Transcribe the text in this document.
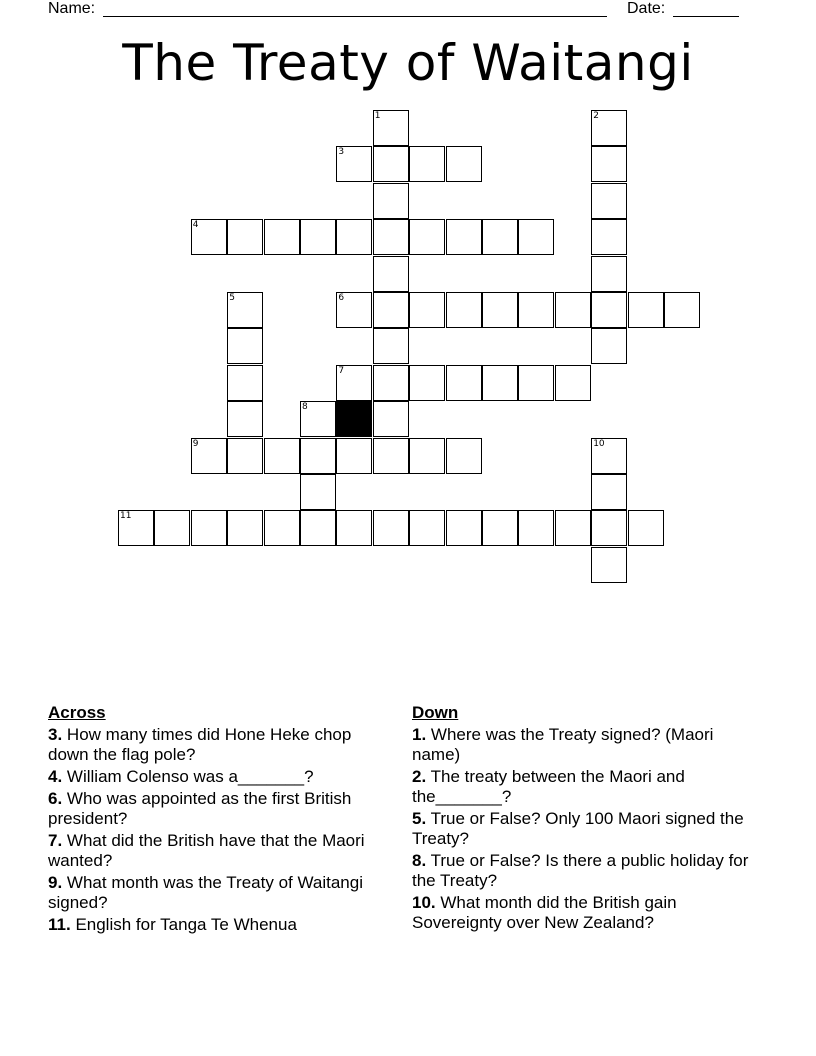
Name:	Date:
The Treaty of Waitangi
1	2
3
4
5	6
7
8
9	10
11
Across
3. How many times did Hone Heke chop down the flag pole?
4. William Colenso was a_______?
6. Who was appointed as the first British president?
7. What did the British have that the Maori wanted?
9. What month was the Treaty of Waitangi signed?
11. English for Tanga Te Whenua
Down
1. Where was the Treaty signed? (Maori name)
2. The treaty between the Maori and the_______?
5. True or False? Only 100 Maori signed the Treaty?
8. True or False? Is there a public holiday for the Treaty?
10. What month did the British gain Sovereignty over New Zealand?
